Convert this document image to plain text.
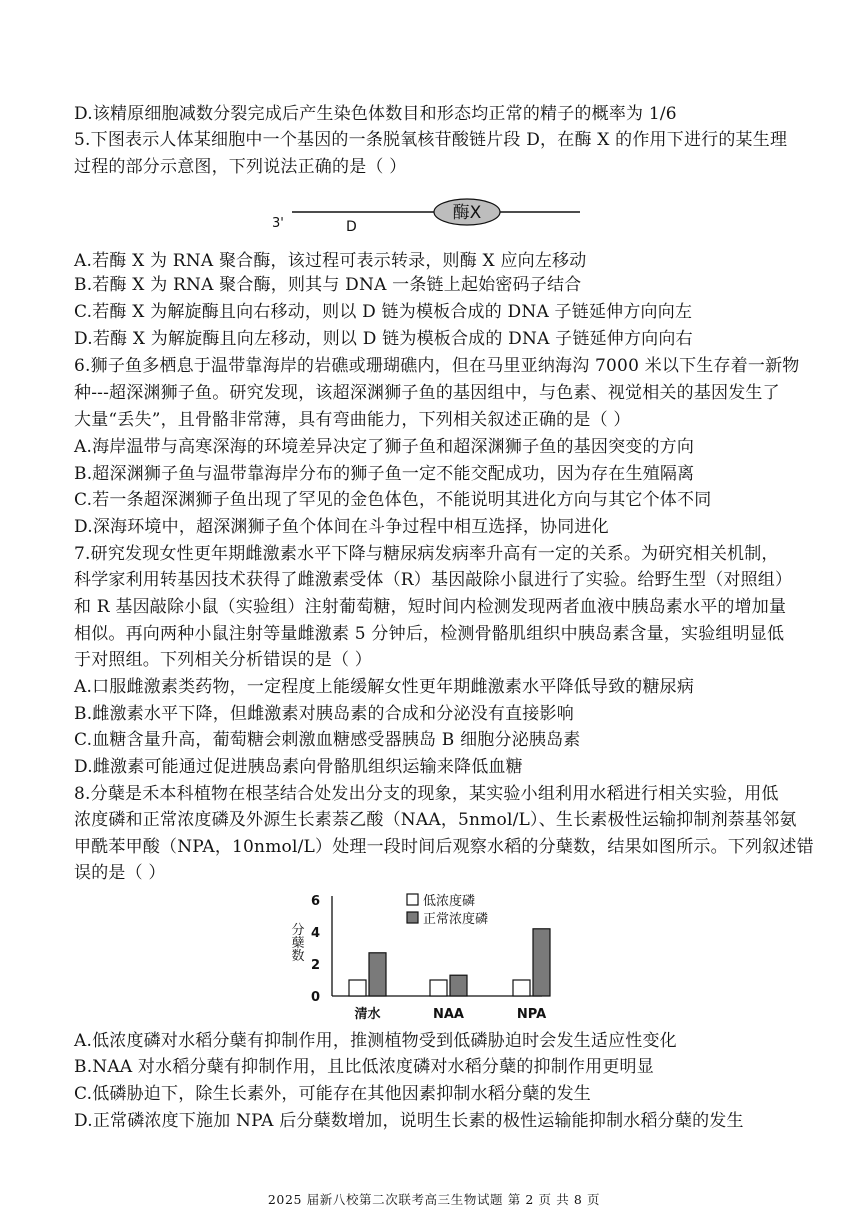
D.该精原细胞减数分裂完成后产生染色体数目和形态均正常的精子的概率为 1/6
5.下图表示人体某细胞中一个基因的一条脱氧核苷酸链片段 D，在酶 X 的作用下进行的某生理
过程的部分示意图，下列说法正确的是（ ）
A.若酶 X 为 RNA 聚合酶，该过程可表示转录，则酶 X 应向左移动
B.若酶 X 为 RNA 聚合酶，则其与 DNA 一条链上起始密码子结合
C.若酶 X 为解旋酶且向右移动，则以 D 链为模板合成的 DNA 子链延伸方向向左
D.若酶 X 为解旋酶且向左移动，则以 D 链为模板合成的 DNA 子链延伸方向向右
6.狮子鱼多栖息于温带靠海岸的岩礁或珊瑚礁内，但在马里亚纳海沟 7000 米以下生存着一新物
种---超深渊狮子鱼。研究发现，该超深渊狮子鱼的基因组中，与色素、视觉相关的基因发生了
大量“丢失”，且骨骼非常薄，具有弯曲能力，下列相关叙述正确的是（ ）
A.海岸温带与高寒深海的环境差异决定了狮子鱼和超深渊狮子鱼的基因突变的方向
B.超深渊狮子鱼与温带靠海岸分布的狮子鱼一定不能交配成功，因为存在生殖隔离
C.若一条超深渊狮子鱼出现了罕见的金色体色，不能说明其进化方向与其它个体不同
D.深海环境中，超深渊狮子鱼个体间在斗争过程中相互选择，协同进化
7.研究发现女性更年期雌激素水平下降与糖尿病发病率升高有一定的关系。为研究相关机制，
科学家利用转基因技术获得了雌激素受体（R）基因敲除小鼠进行了实验。给野生型（对照组）
和 R 基因敲除小鼠（实验组）注射葡萄糖，短时间内检测发现两者血液中胰岛素水平的增加量
相似。再向两种小鼠注射等量雌激素 5 分钟后，检测骨骼肌组织中胰岛素含量，实验组明显低
于对照组。下列相关分析错误的是（ ）
A.口服雌激素类药物，一定程度上能缓解女性更年期雌激素水平降低导致的糖尿病
B.雌激素水平下降，但雌激素对胰岛素的合成和分泌没有直接影响
C.血糖含量升高，葡萄糖会刺激血糖感受器胰岛 B 细胞分泌胰岛素
D.雌激素可能通过促进胰岛素向骨骼肌组织运输来降低血糖
8.分蘖是禾本科植物在根茎结合处发出分支的现象，某实验小组利用水稻进行相关实验，用低
浓度磷和正常浓度磷及外源生长素萘乙酸（NAA，5nmol/L）、生长素极性运输抑制剂萘基邻氨
甲酰苯甲酸（NPA，10nmol/L）处理一段时间后观察水稻的分蘖数，结果如图所示。下列叙述错
误的是（ ）
A.低浓度磷对水稻分蘖有抑制作用，推测植物受到低磷胁迫时会发生适应性变化
B.NAA 对水稻分蘖有抑制作用，且比低浓度磷对水稻分蘖的抑制作用更明显
C.低磷胁迫下，除生长素外，可能存在其他因素抑制水稻分蘖的发生
D.正常磷浓度下施加 NPA 后分蘖数增加，说明生长素的极性运输能抑制水稻分蘖的发生
酶X
3'	D
0
2
4
6
分蘖数
清水	NAA	NPA
低浓度磷
正常浓度磷
2025 届新八校第二次联考高三生物试题 第 2 页 共 8 页
